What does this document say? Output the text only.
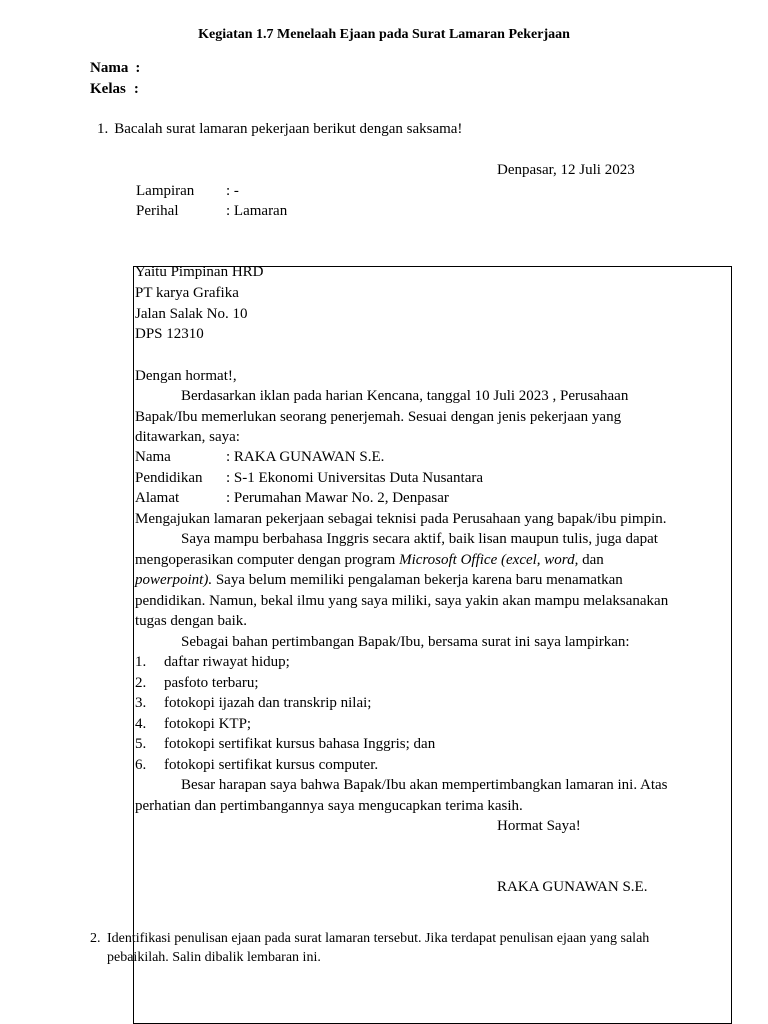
Kegiatan 1.7 Menelaah Ejaan pada Surat Lamaran Pekerjaan
Nama :
Kelas :
1. Bacalah surat lamaran pekerjaan berikut dengan saksama!
Denpasar, 12 Juli 2023
Lampiran : -
Perihal	: Lamaran
Yaitu Pimpinan HRD
PT karya Grafika
Jalan Salak No. 10
DPS 12310
Dengan hormat!,
Berdasarkan iklan pada harian Kencana, tanggal 10 Juli 2023 , Perusahaan
Bapak/Ibu memerlukan seorang penerjemah. Sesuai dengan jenis pekerjaan yang
ditawarkan, saya:
Nama	: RAKA GUNAWAN S.E.
Pendidikan : S-1 Ekonomi Universitas Duta Nusantara
Alamat	: Perumahan Mawar No. 2, Denpasar
Mengajukan lamaran pekerjaan sebagai teknisi pada Perusahaan yang bapak/ibu pimpin.
Saya mampu berbahasa Inggris secara aktif, baik lisan maupun tulis, juga dapat
mengoperasikan computer dengan program Microsoft Office (excel, word, dan
powerpoint). Saya belum memiliki pengalaman bekerja karena baru menamatkan
pendidikan. Namun, bekal ilmu yang saya miliki, saya yakin akan mampu melaksanakan
tugas dengan baik.
Sebagai bahan pertimbangan Bapak/Ibu, bersama surat ini saya lampirkan:
1. daftar riwayat hidup;
2. pasfoto terbaru;
3. fotokopi ijazah dan transkrip nilai;
4. fotokopi KTP;
5. fotokopi sertifikat kursus bahasa Inggris; dan
6. fotokopi sertifikat kursus computer.
Besar harapan saya bahwa Bapak/Ibu akan mempertimbangkan lamaran ini. Atas
perhatian dan pertimbangannya saya mengucapkan terima kasih.
Hormat Saya!
RAKA GUNAWAN S.E.
2. Identifikasi penulisan ejaan pada surat lamaran tersebut. Jika terdapat penulisan ejaan yang salah
pebaikilah. Salin dibalik lembaran ini.
